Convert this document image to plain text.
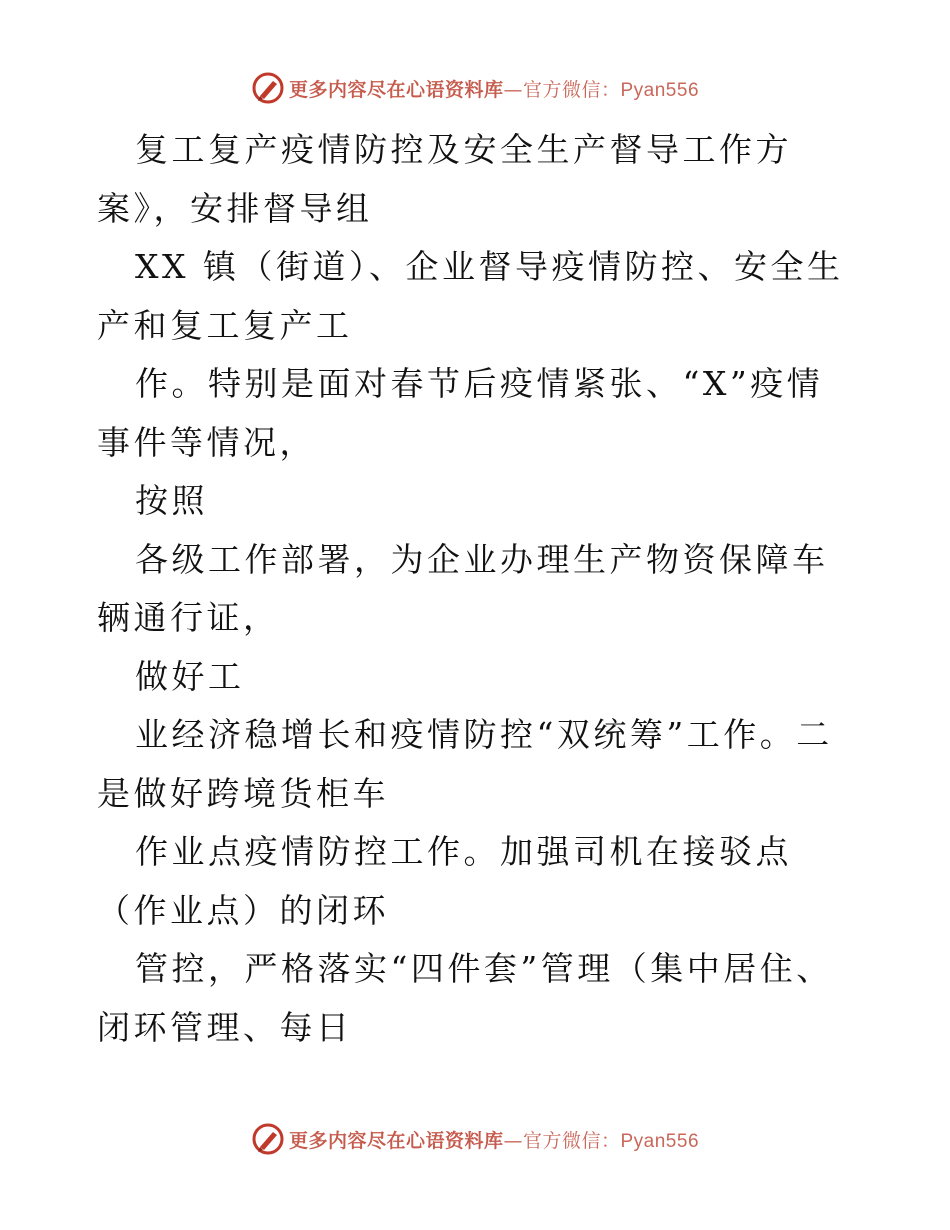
更多内容尽在心语资料库—官方微信：Pyan556

复工复产疫情防控及安全生产督导工作方案》，安排督导组

XX 镇（街道）、企业督导疫情防控、安全生产和复工复产工

作。特别是面对春节后疫情紧张、“X”疫情事件等情况，

按照

各级工作部署，为企业办理生产物资保障车辆通行证，

做好工

业经济稳增长和疫情防控“双统筹”工作。二是做好跨境货柜车

作业点疫情防控工作。加强司机在接驳点（作业点）的闭环

管控，严格落实“四件套”管理（集中居住、闭环管理、每日

更多内容尽在心语资料库—官方微信：Pyan556
